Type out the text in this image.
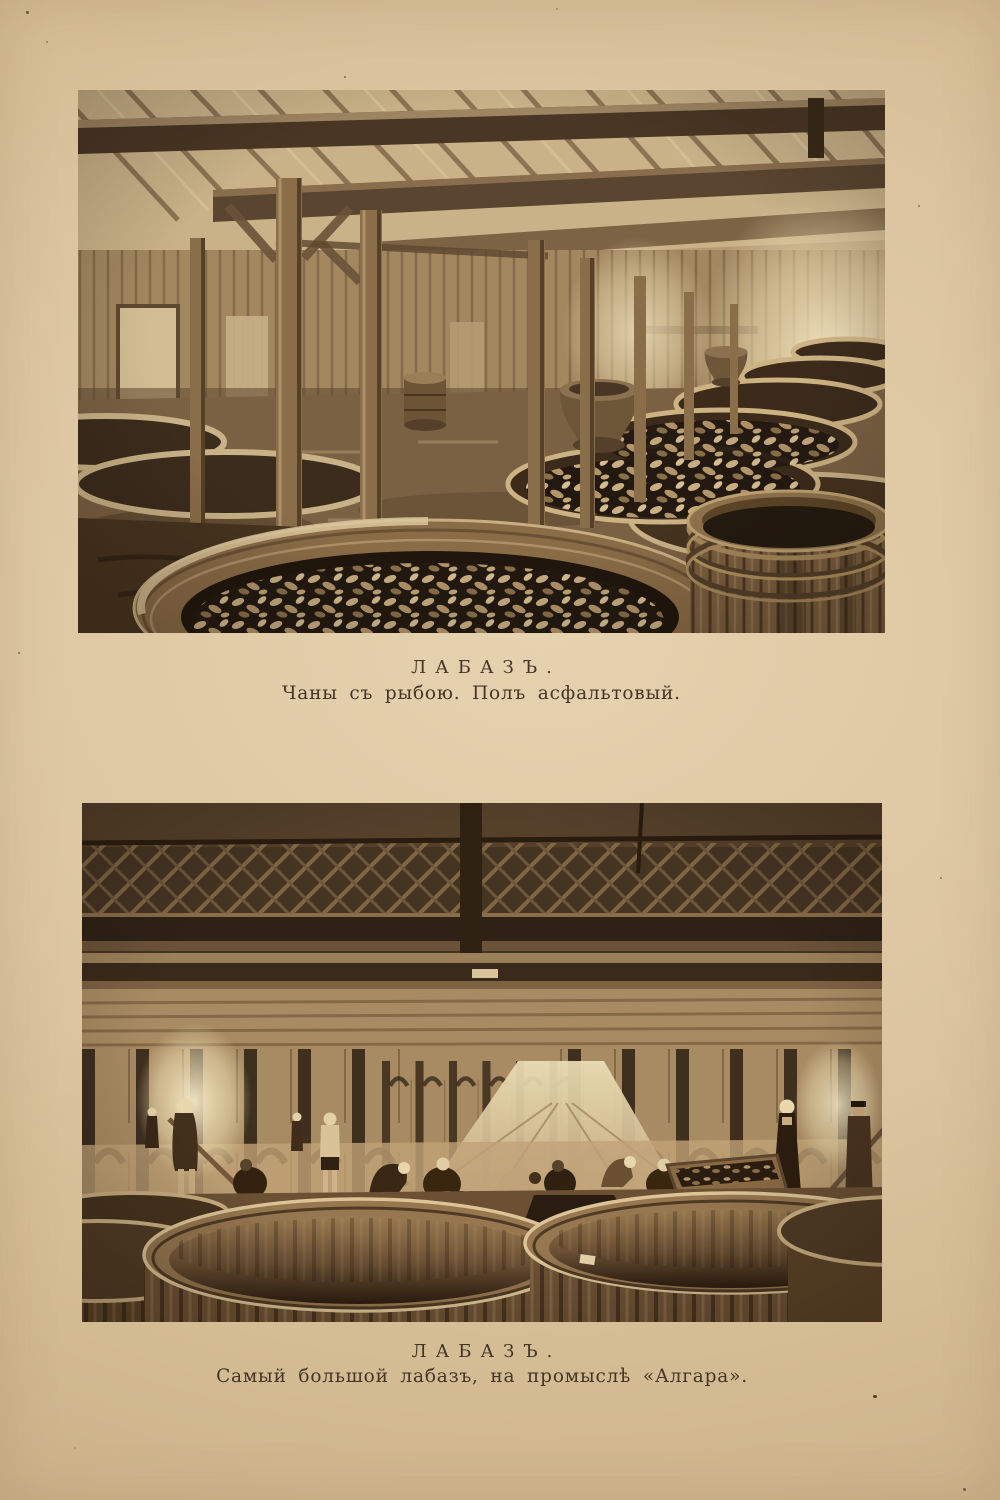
ЛАБАЗЪ.
Чаны съ рыбою. Полъ асфальтовый.
ЛАБАЗЪ.
Самый большой лабазъ, на промыслѣ «Алгара».
